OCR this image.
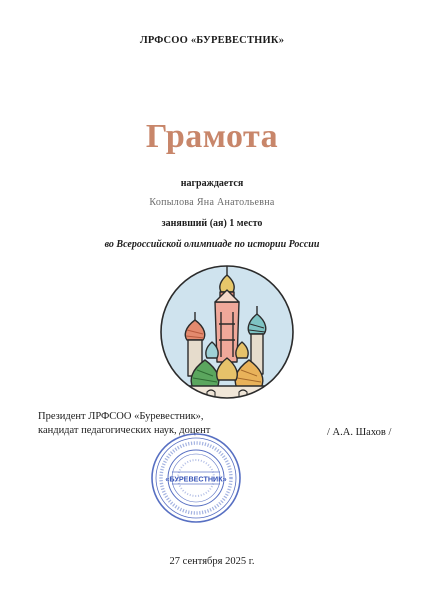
ЛРФСОО «БУРЕВЕСТНИК»
Грамота
награждается
Копылова Яна Анатольевна
занявший (ая) 1 место
во Всероссийской олимпиаде по истории России
Президент ЛРФСОО «Буревестник»,
кандидат педагогических наук, доцент	/ А.А. Шахов /
«БУРЕВЕСТНИК»
27 сентября 2025 г.
